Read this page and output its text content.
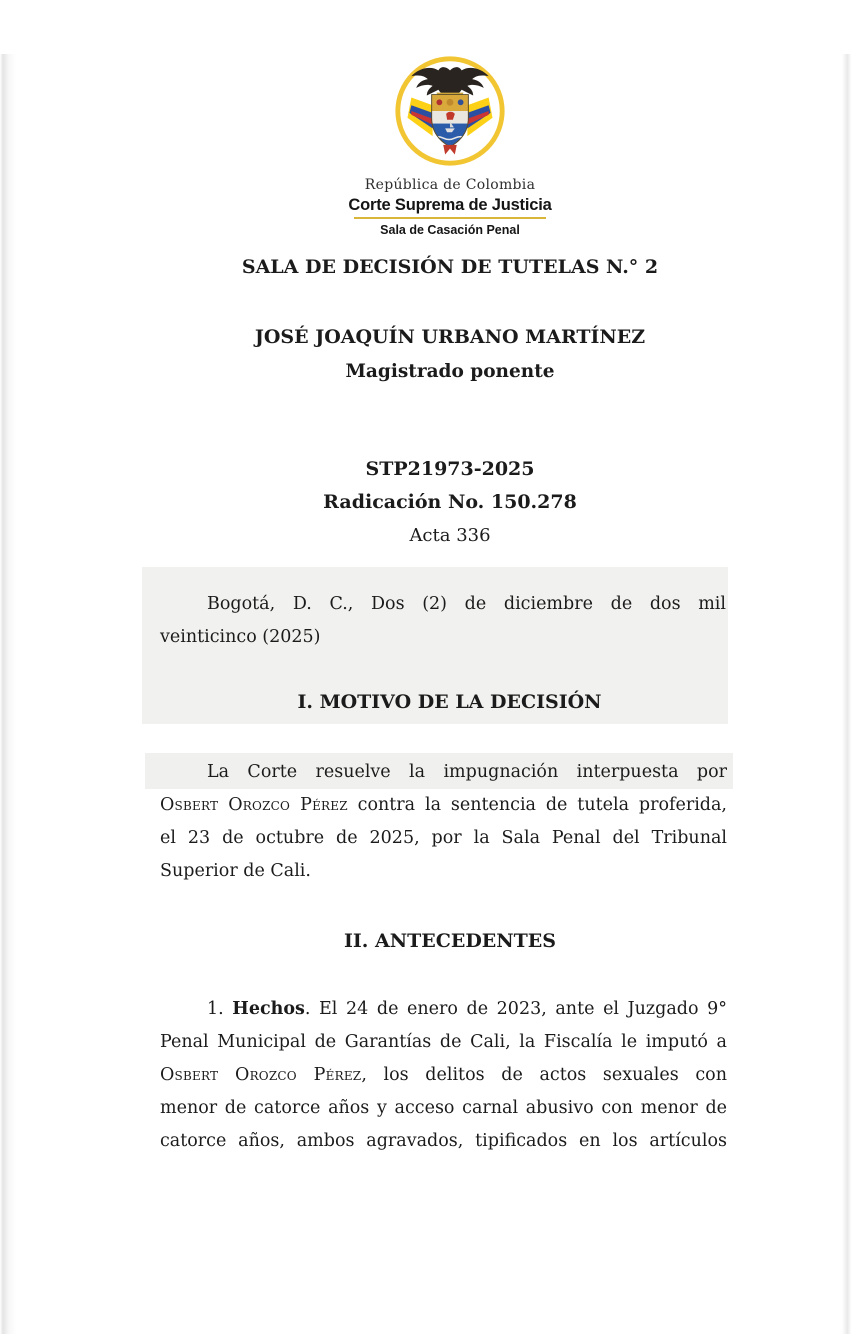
República de Colombia
Corte Suprema de Justicia
Sala de Casación Penal
SALA DE DECISIÓN DE TUTELAS N.° 2
JOSÉ JOAQUÍN URBANO MARTÍNEZ
Magistrado ponente
STP21973-2025
Radicación No. 150.278
Acta 336
Bogotá, D. C., Dos (2) de diciembre de dos mil
veinticinco (2025)
I. MOTIVO DE LA DECISIÓN
La Corte resuelve la impugnación interpuesta por
Osbert Orozco Pérez contra la sentencia de tutela proferida,
el 23 de octubre de 2025, por la Sala Penal del Tribunal
Superior de Cali.
II. ANTECEDENTES
1. Hechos. El 24 de enero de 2023, ante el Juzgado 9°
Penal Municipal de Garantías de Cali, la Fiscalía le imputó a
Osbert Orozco Pérez, los delitos de actos sexuales con
menor de catorce años y acceso carnal abusivo con menor de
catorce años, ambos agravados, tipificados en los artículos
